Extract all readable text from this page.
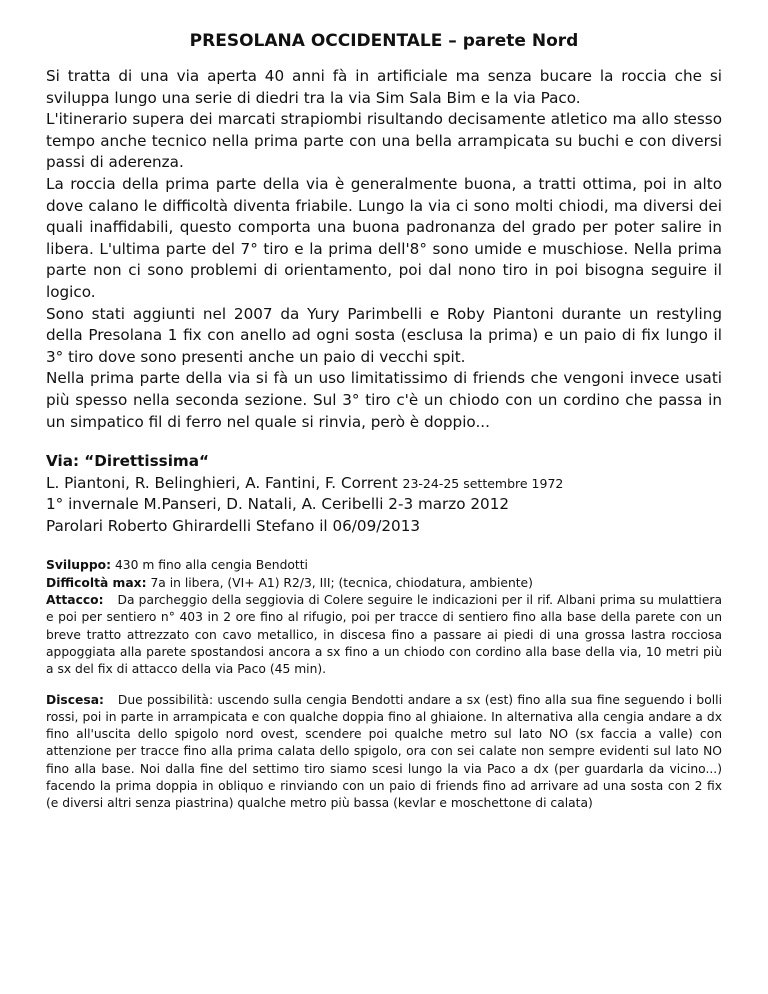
PRESOLANA OCCIDENTALE – parete Nord

Si tratta di una via aperta 40 anni fà in artificiale ma senza bucare la roccia che si sviluppa lungo una serie di diedri tra la via Sim Sala Bim e la via Paco.

L'itinerario supera dei marcati strapiombi risultando decisamente atletico ma allo stesso tempo anche tecnico nella prima parte con una bella arrampicata su buchi e con diversi passi di aderenza.

La roccia della prima parte della via è generalmente buona, a tratti ottima, poi in alto dove calano le difficoltà diventa friabile. Lungo la via ci sono molti chiodi, ma diversi dei quali inaffidabili, questo comporta una buona padronanza del grado per poter salire in libera. L'ultima parte del 7° tiro e la prima dell'8° sono umide e muschiose. Nella prima parte non ci sono problemi di orientamento, poi dal nono tiro in poi bisogna seguire il logico.

Sono stati aggiunti nel 2007 da Yury Parimbelli e Roby Piantoni durante un restyling della Presolana 1 fix con anello ad ogni sosta (esclusa la prima) e un paio di fix lungo il 3° tiro dove sono presenti anche un paio di vecchi spit.

Nella prima parte della via si fà un uso limitatissimo di friends che vengoni invece usati più spesso nella seconda sezione. Sul 3° tiro c'è un chiodo con un cordino che passa in un simpatico fil di ferro nel quale si rinvia, però è doppio...

Via: “Direttissima“
L. Piantoni, R. Belinghieri, A. Fantini, F. Corrent 23-24-25 settembre 1972
1° invernale M.Panseri, D. Natali, A. Ceribelli 2-3 marzo 2012
Parolari Roberto Ghirardelli Stefano il 06/09/2013

Sviluppo: 430 m fino alla cengia Bendotti

Difficoltà max: 7a in libera, (VI+ A1) R2/3, III; (tecnica, chiodatura, ambiente)

Attacco: Da parcheggio della seggiovia di Colere seguire le indicazioni per il rif. Albani prima su mulattiera e poi per sentiero n° 403 in 2 ore fino al rifugio, poi per tracce di sentiero fino alla base della parete con un breve tratto attrezzato con cavo metallico, in discesa fino a passare ai piedi di una grossa lastra rocciosa appoggiata alla parete spostandosi ancora a sx fino a un chiodo con cordino alla base della via, 10 metri più a sx del fix di attacco della via Paco (45 min).

Discesa: Due possibilità: uscendo sulla cengia Bendotti andare a sx (est) fino alla sua fine seguendo i bolli rossi, poi in parte in arrampicata e con qualche doppia fino al ghiaione. In alternativa alla cengia andare a dx fino all'uscita dello spigolo nord ovest, scendere poi qualche metro sul lato NO (sx faccia a valle) con attenzione per tracce fino alla prima calata dello spigolo, ora con sei calate non sempre evidenti sul lato NO fino alla base. Noi dalla fine del settimo tiro siamo scesi lungo la via Paco a dx (per guardarla da vicino...) facendo la prima doppia in obliquo e rinviando con un paio di friends fino ad arrivare ad una sosta con 2 fix (e diversi altri senza piastrina) qualche metro più bassa (kevlar e moschettone di calata)
